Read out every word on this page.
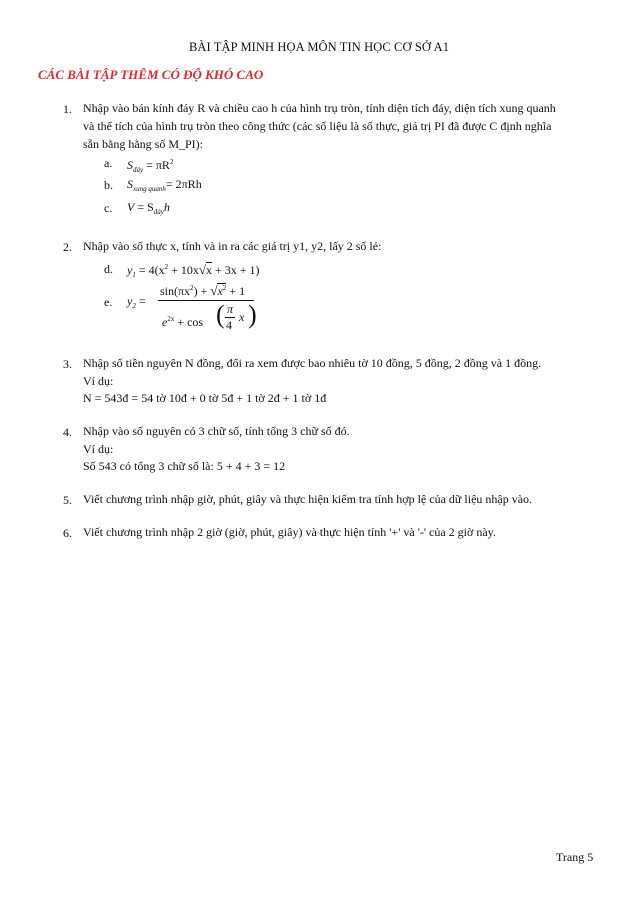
BÀI TẬP MINH HỌA MÔN TIN HỌC CƠ SỞ A1
CÁC BÀI TẬP THÊM CÓ ĐỘ KHÓ CAO
1. Nhập vào bán kính đáy R và chiều cao h của hình trụ tròn, tính diện tích đáy, diện tích xung quanh
và thể tích của hình trụ tròn theo công thức (các số liệu là số thực, giá trị PI đã được C định nghĩa
sẵn bằng hằng số M_PI):
a. $S_{đáy} = \pi R^2$
b. $S_{xung quanh}= 2\pi Rh$
c. $V = S_{đáy}h$
2. Nhập vào số thực x, tính và in ra các giá trị y1, y2, lấy 2 số lẻ:
d. $y_1 = 4(x^2 + 10x√x + 3x + 1)$
e. $y_2$ =
$\sin(\pi x^2) + √x^2 + 1$
$e^{2x} + \cos$ ( π
4
x )
3. Nhập số tiền nguyên N đồng, đổi ra xem được bao nhiêu tờ 10 đồng, 5 đồng, 2 đồng và 1 đồng.
Ví dụ:
N = 543đ = 54 tờ 10đ + 0 tờ 5đ + 1 tờ 2đ + 1 tờ 1đ
4. Nhập vào số nguyên có 3 chữ số, tính tổng 3 chữ số đó.
Ví dụ:
Số 543 có tổng 3 chữ số là: 5 + 4 + 3 = 12
5. Viết chương trình nhập giờ, phút, giây và thực hiện kiểm tra tính hợp lệ của dữ liệu nhập vào.
6. Viết chương trình nhập 2 giờ (giờ, phút, giây) và thực hiện tính '+' và '-' của 2 giờ này.
Trang 5
